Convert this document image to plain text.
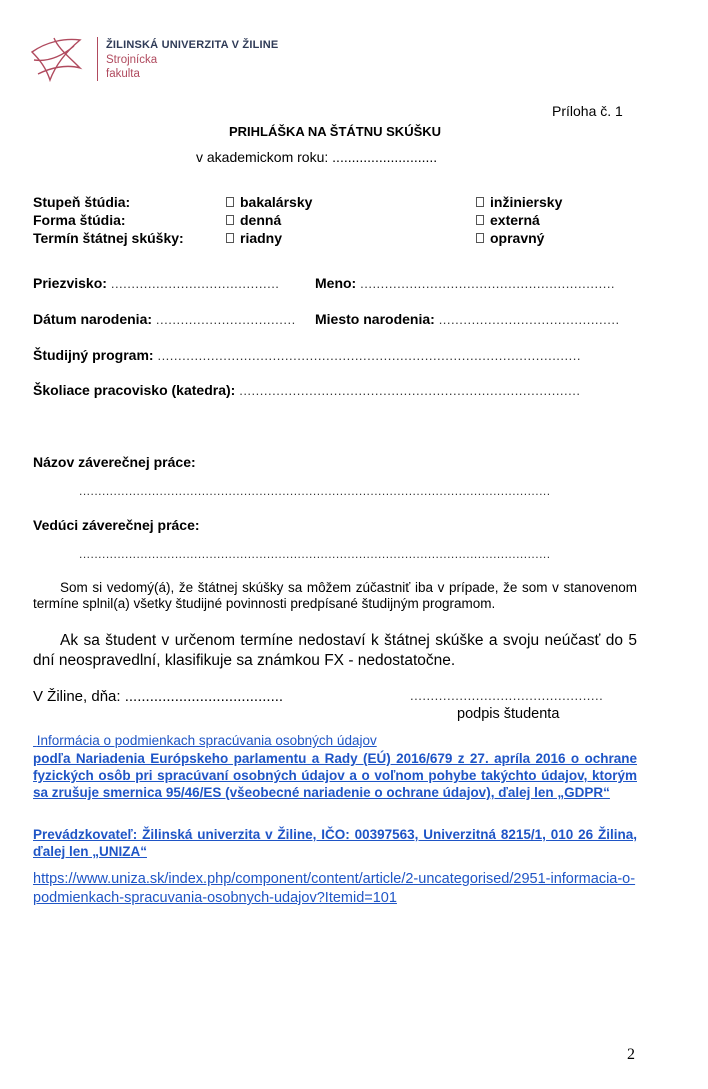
ŽILINSKÁ UNIVERZITA V ŽILINE
Strojnícka
fakulta
Príloha č. 1
PRIHLÁŠKA NA ŠTÁTNU SKÚŠKU
v akademickom roku: ...........................
Stupeň štúdia:	bakalársky	inžiniersky
Forma štúdia:	denná	externá
Termín štátnej skúšky:	riadny	opravný
Priezvisko: .........................................	Meno: ..............................................................
Dátum narodenia: .................................. Miesto narodenia: ............................................
Študijný program: .......................................................................................................
Školiace pracovisko (katedra): ...................................................................................
Názov záverečnej práce:
...........................................................................................................................
Vedúci záverečnej práce:
...........................................................................................................................
Som si vedomý(á), že štátnej skúšky sa môžem zúčastniť iba v prípade, že som v stanovenom termíne splnil(a) všetky študijné povinnosti predpísané študijným programom.
Ak sa študent v určenom termíne nedostaví k štátnej skúške a svoju neúčasť do 5 dní neospravedlní, klasifikuje sa známkou FX - nedostatočne.
V Žiline, dňa: ......................................	...............................................
podpis študenta
Informácia o podmienkach spracúvania osobných údajov
podľa Nariadenia Európskeho parlamentu a Rady (EÚ) 2016/679 z 27. apríla 2016 o ochrane fyzických osôb pri spracúvaní osobných údajov a o voľnom pohybe takýchto údajov, ktorým sa zrušuje smernica 95/46/ES (všeobecné nariadenie o ochrane údajov), ďalej len „GDPR“
Prevádzkovateľ: Žilinská univerzita v Žiline, IČO: 00397563, Univerzitná 8215/1, 010 26 Žilina, ďalej len „UNIZA“
https://www.uniza.sk/index.php/component/content/article/2-uncategorised/2951-informacia-o-podmienkach-spracuvania-osobnych-udajov?Itemid=101
2
